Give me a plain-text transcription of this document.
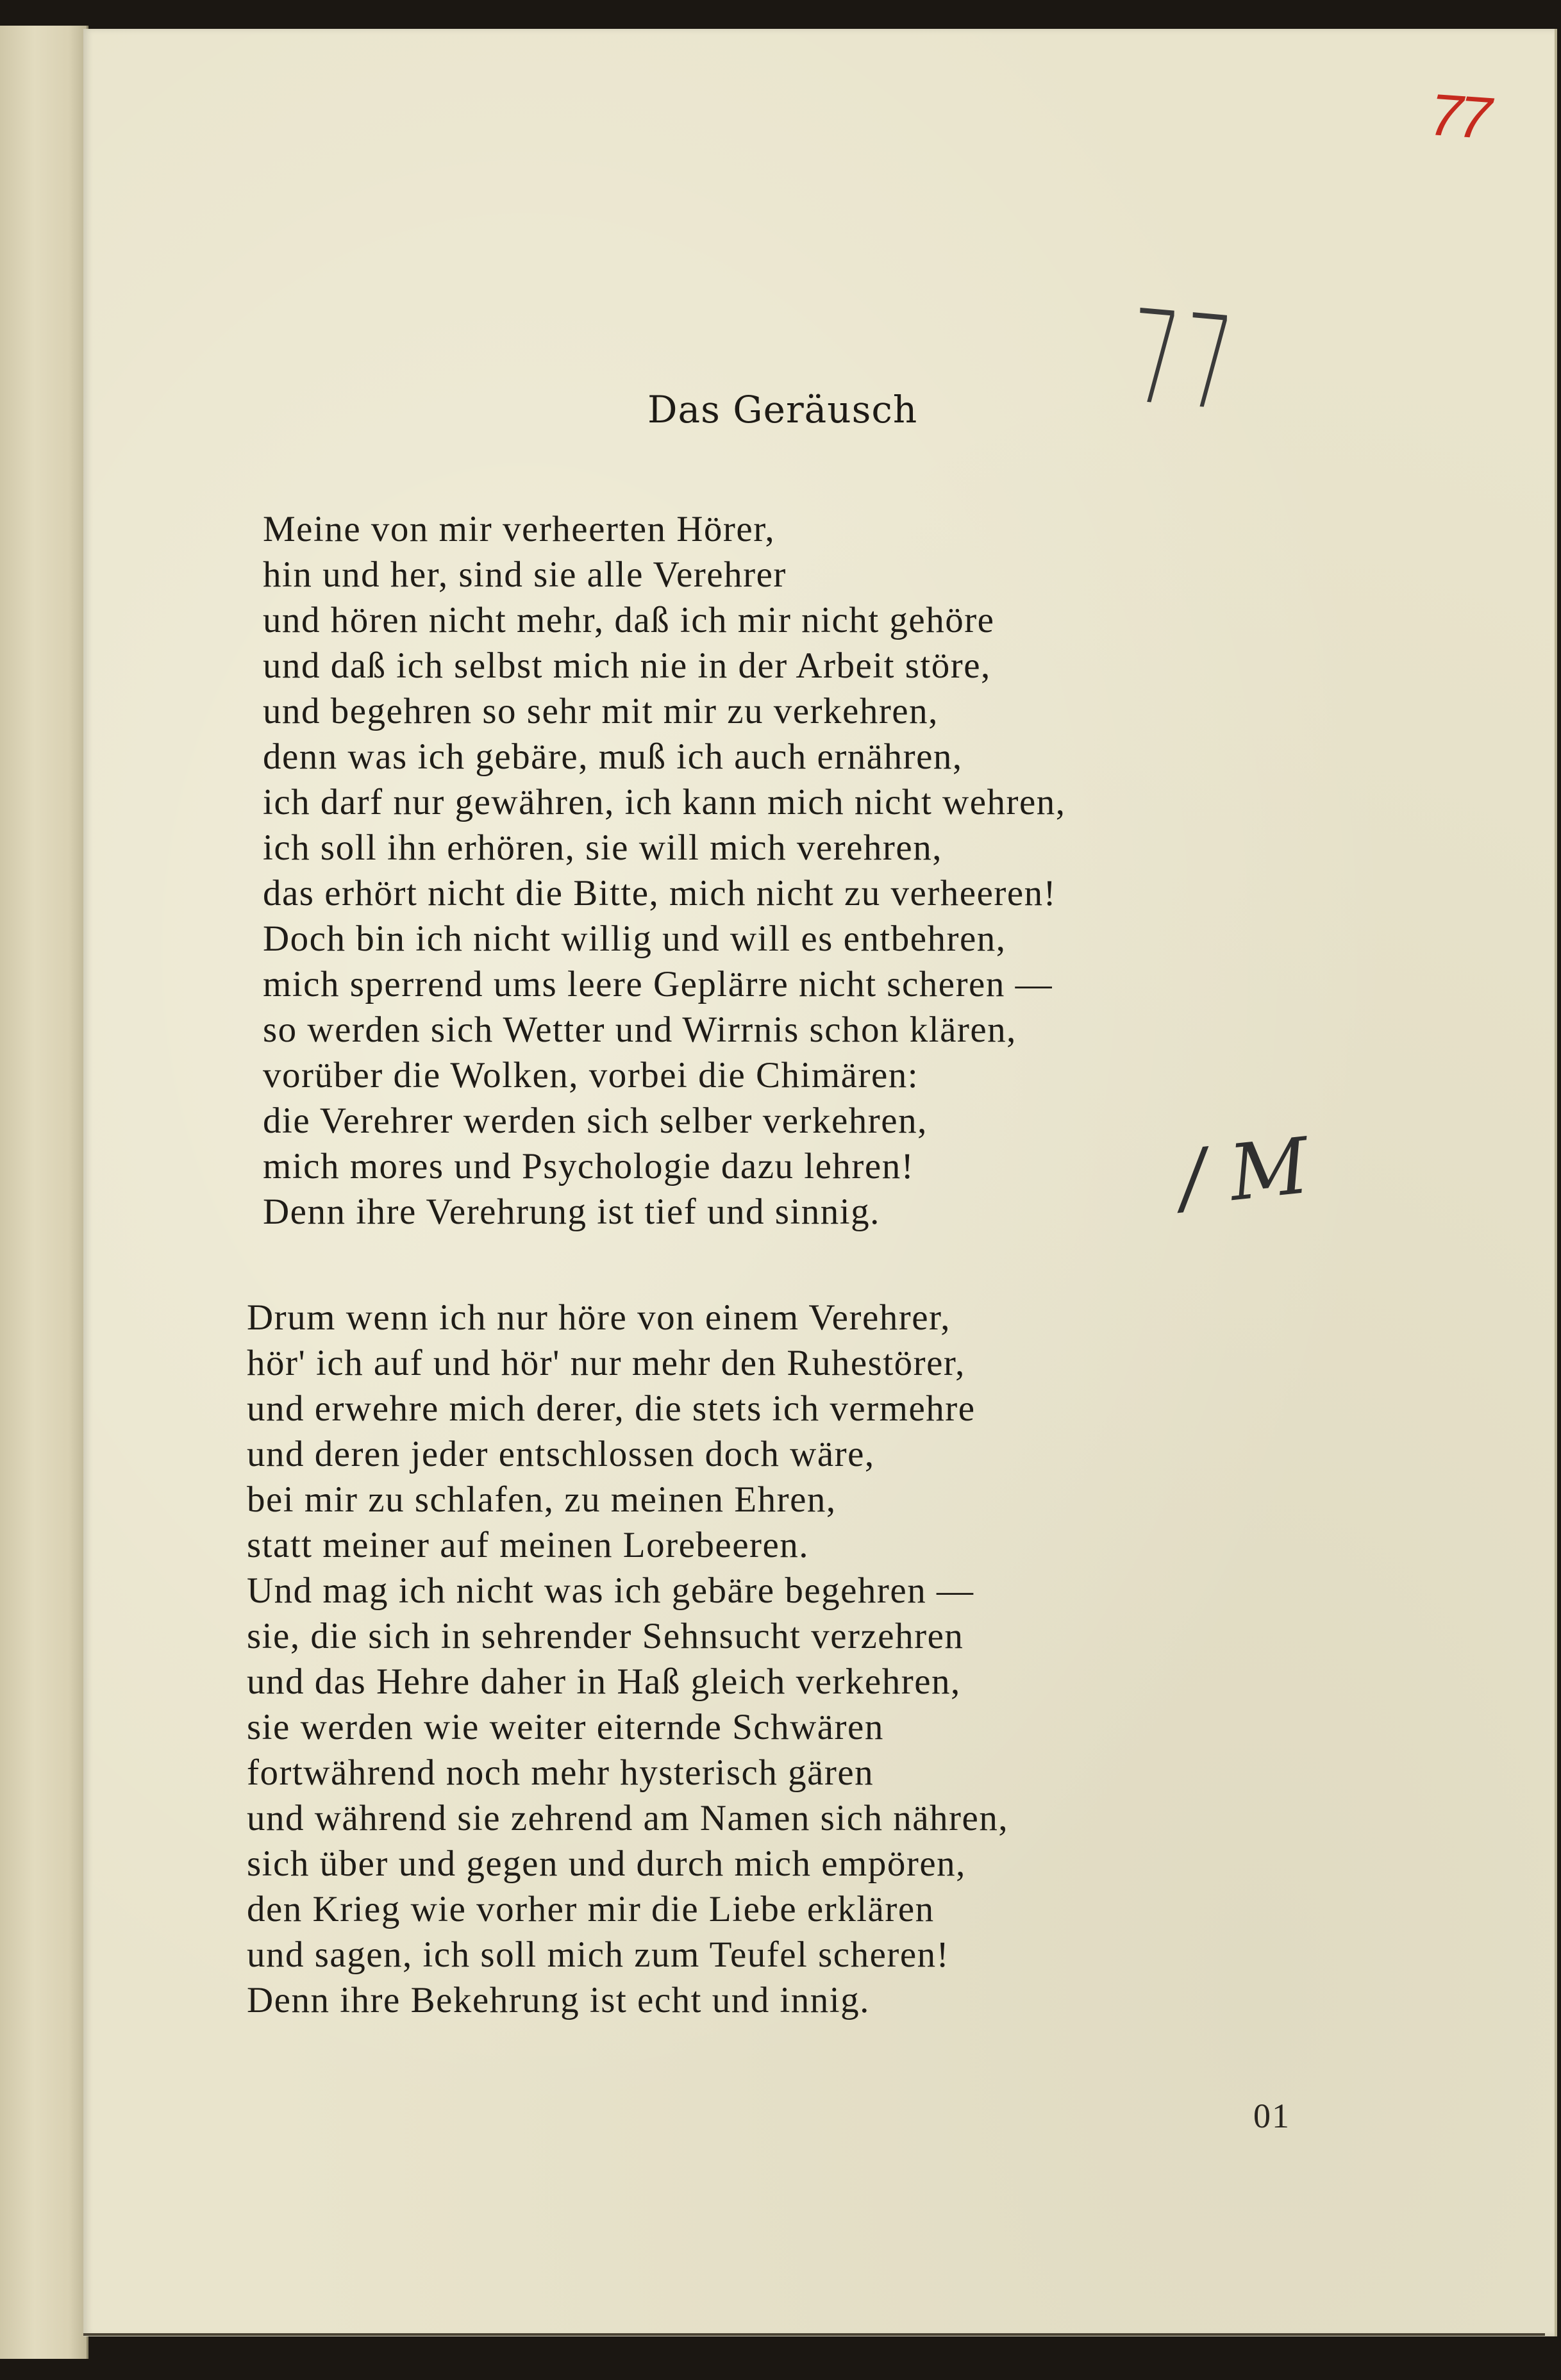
77
77
/ M
Das Geräusch
Meine von mir verheerten Hörer,
hin und her, sind sie alle Verehrer
und hören nicht mehr, daß ich mir nicht gehöre
und daß ich selbst mich nie in der Arbeit störe,
und begehren so sehr mit mir zu verkehren,
denn was ich gebäre, muß ich auch ernähren,
ich darf nur gewähren, ich kann mich nicht wehren,
ich soll ihn erhören, sie will mich verehren,
das erhört nicht die Bitte, mich nicht zu verheeren!
Doch bin ich nicht willig und will es entbehren,
mich sperrend ums leere Geplärre nicht scheren —
so werden sich Wetter und Wirrnis schon klären,
vorüber die Wolken, vorbei die Chimären:
die Verehrer werden sich selber verkehren,
mich mores und Psychologie dazu lehren!
Denn ihre Verehrung ist tief und sinnig.
Drum wenn ich nur höre von einem Verehrer,
hör' ich auf und hör' nur mehr den Ruhestörer,
und erwehre mich derer, die stets ich vermehre
und deren jeder entschlossen doch wäre,
bei mir zu schlafen, zu meinen Ehren,
statt meiner auf meinen Lorebeeren.
Und mag ich nicht was ich gebäre begehren —
sie, die sich in sehrender Sehnsucht verzehren
und das Hehre daher in Haß gleich verkehren,
sie werden wie weiter eiternde Schwären
fortwährend noch mehr hysterisch gären
und während sie zehrend am Namen sich nähren,
sich über und gegen und durch mich empören,
den Krieg wie vorher mir die Liebe erklären
und sagen, ich soll mich zum Teufel scheren!
Denn ihre Bekehrung ist echt und innig.
01
